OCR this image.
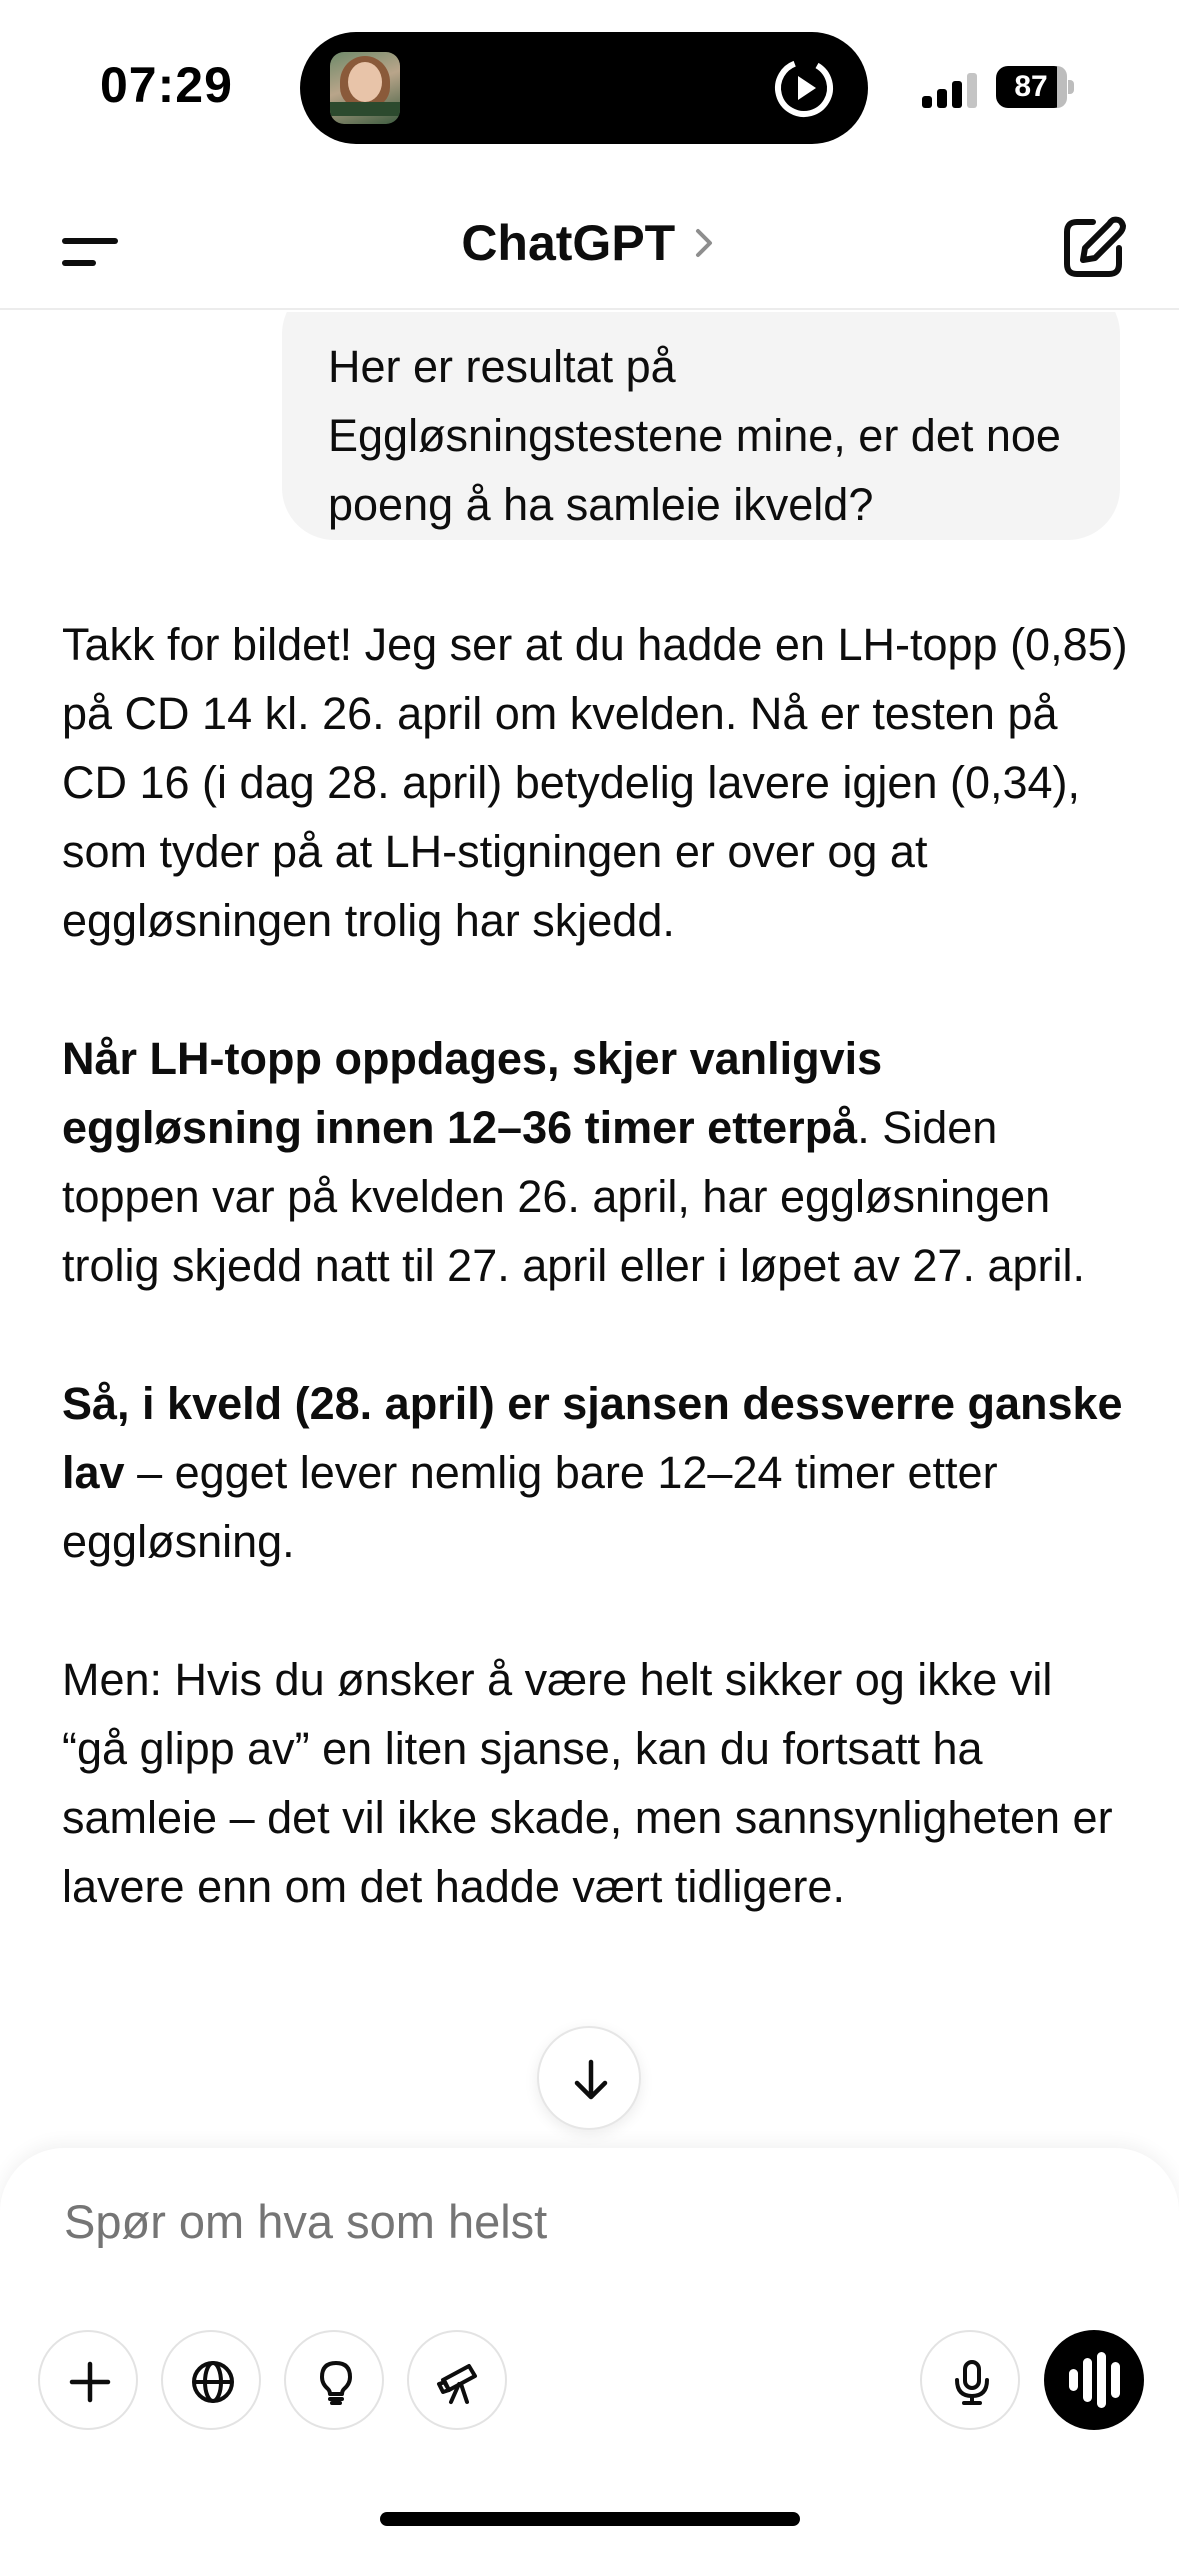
07:29	87
ChatGPT
Her er resultat på Eggløsningstestene mine, er det noe poeng å ha samleie ikveld?

Takk for bildet! Jeg ser at du hadde en LH-topp (0,85) på CD 14 kl. 26. april om kvelden. Nå er testen på CD 16 (i dag 28. april) betydelig lavere igjen (0,34), som tyder på at LH-stigningen er over og at eggløsningen trolig har skjedd.

Når LH-topp oppdages, skjer vanligvis eggløsning innen 12–36 timer etterpå. Siden toppen var på kvelden 26. april, har eggløsningen trolig skjedd natt til 27. april eller i løpet av 27. april.

Så, i kveld (28. april) er sjansen dessverre ganske lav – egget lever nemlig bare 12–24 timer etter eggløsning.

Men: Hvis du ønsker å være helt sikker og ikke vil “gå glipp av” en liten sjanse, kan du fortsatt ha samleie – det vil ikke skade, men sannsynligheten er lavere enn om det hadde vært tidligere.

Spør om hva som helst
